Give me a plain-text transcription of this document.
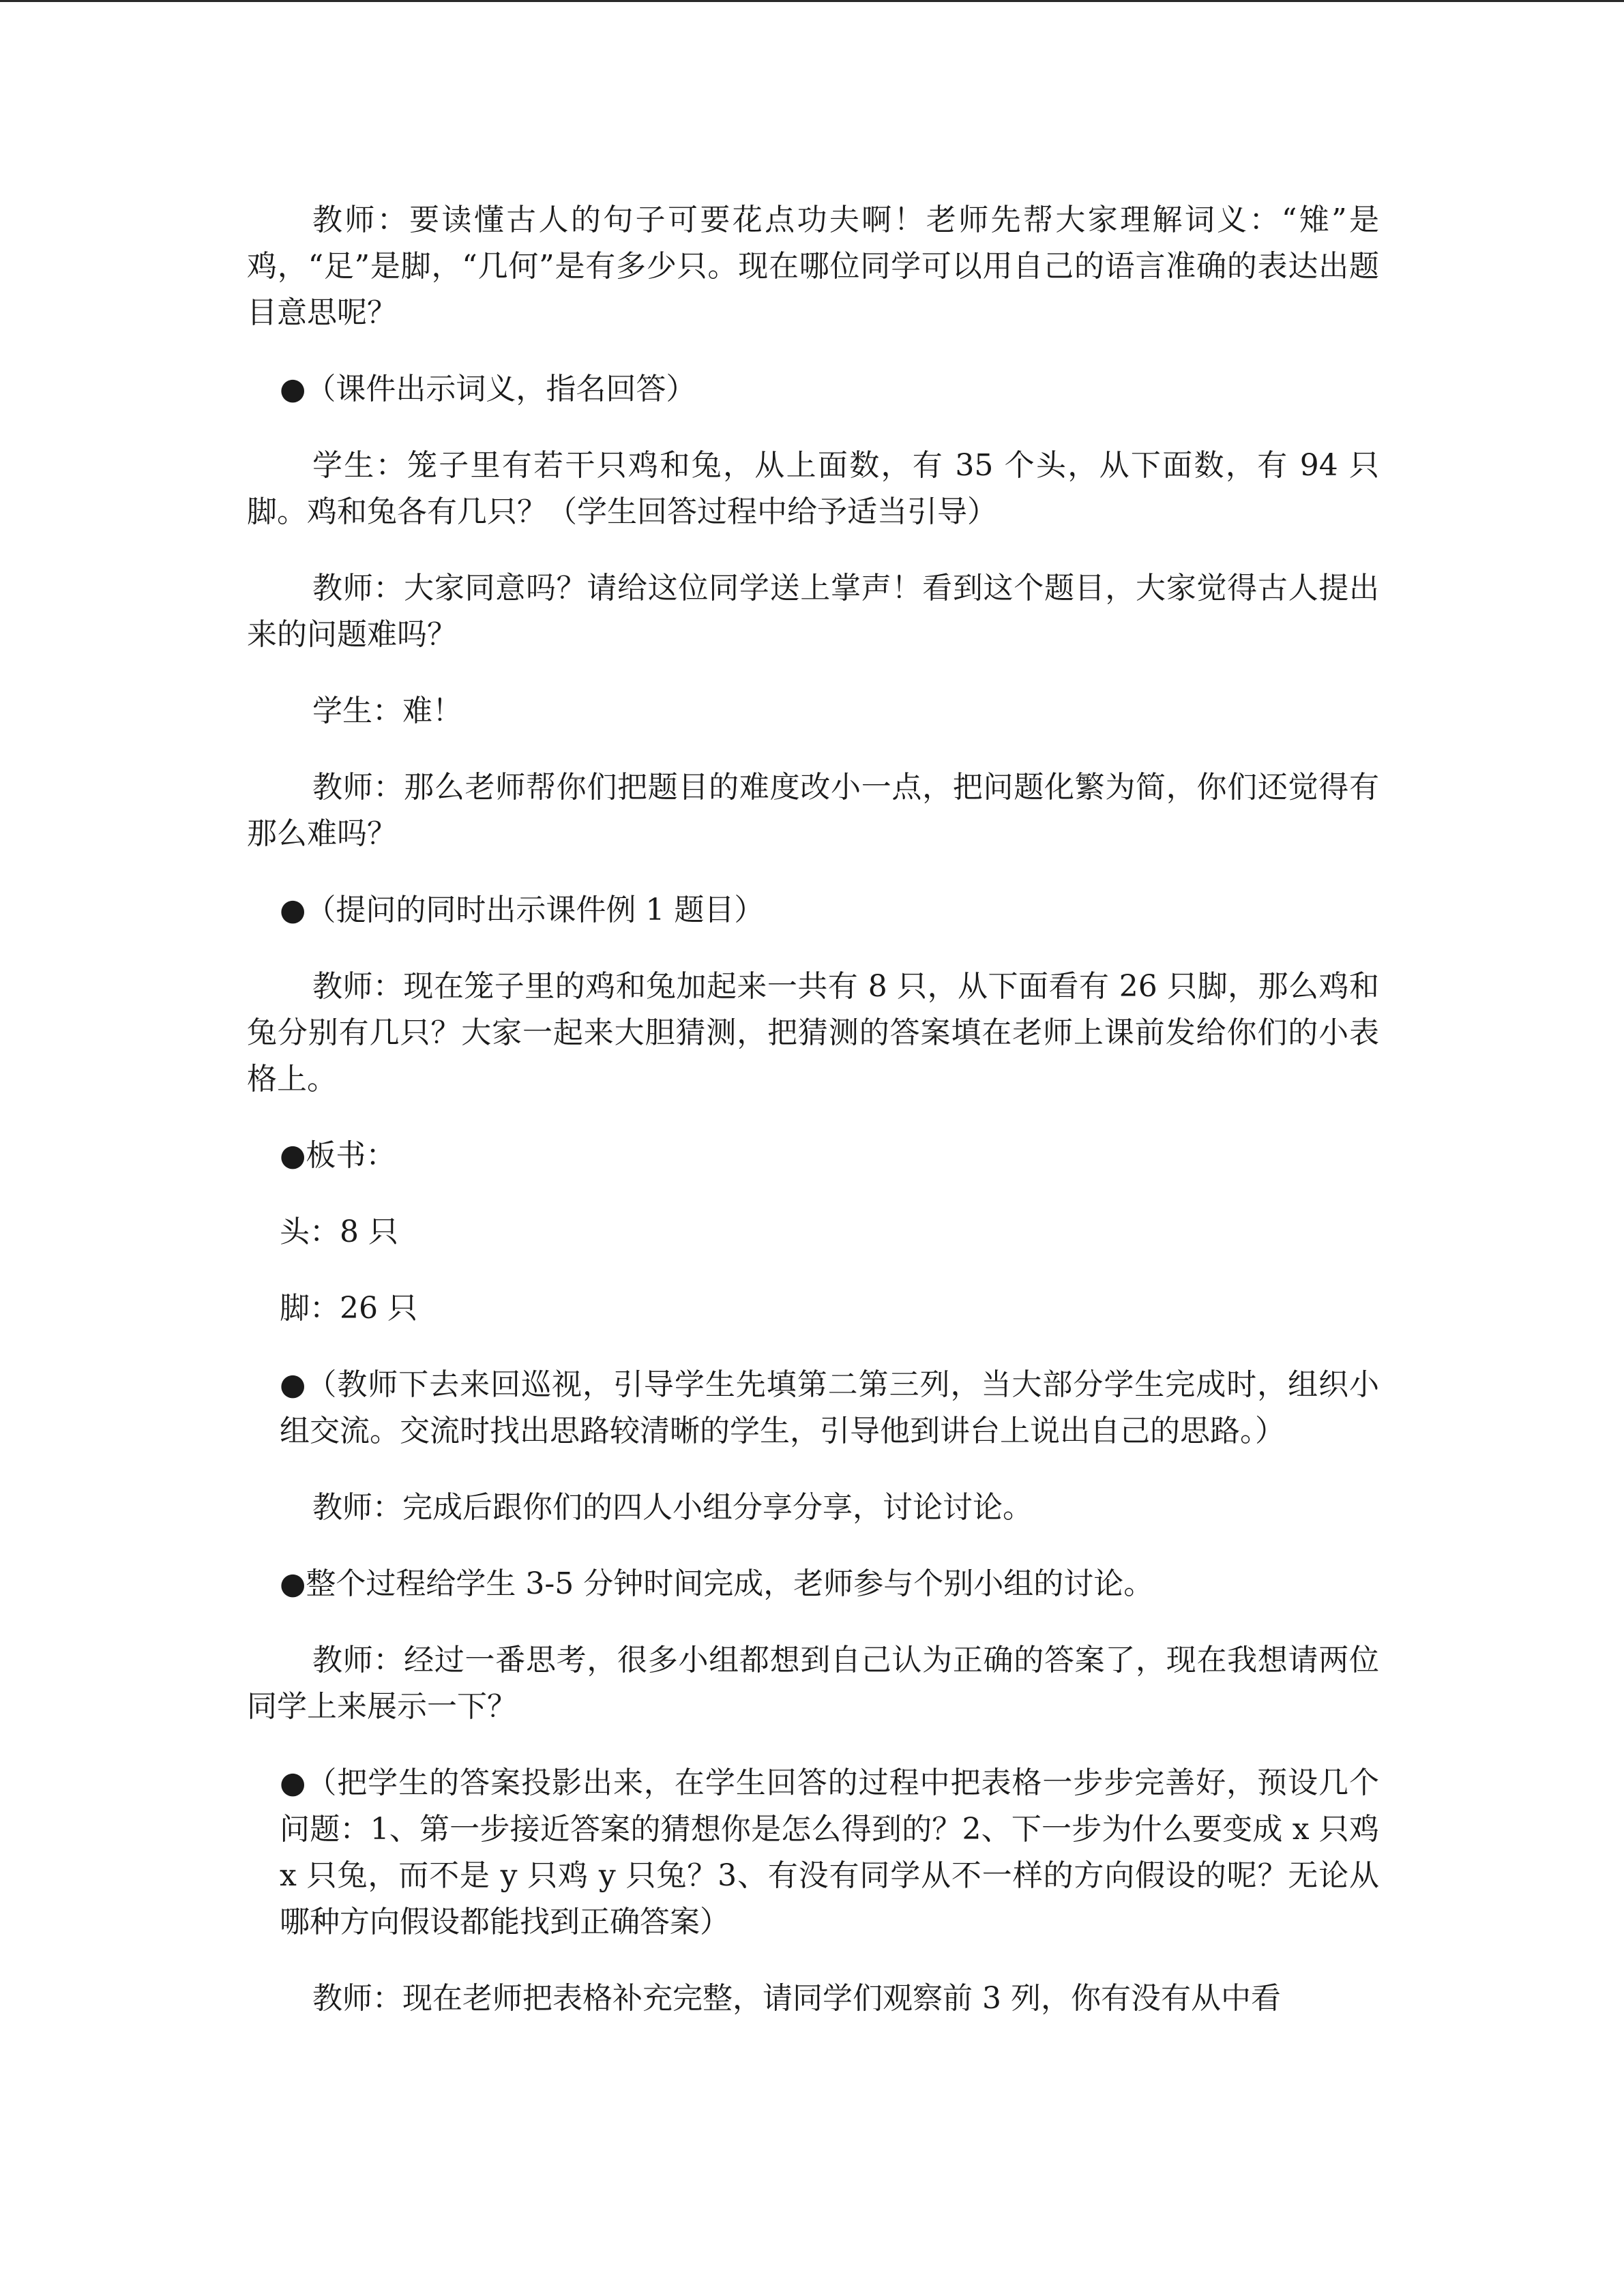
教师：要读懂古人的句子可要花点功夫啊！老师先帮大家理解词义：“雉”是鸡，“足”是脚，“几何”是有多少只。现在哪位同学可以用自己的语言准确的表达出题目意思呢？

●（课件出示词义，指名回答）

学生：笼子里有若干只鸡和兔，从上面数，有 35 个头，从下面数，有 94 只脚。鸡和兔各有几只？（学生回答过程中给予适当引导）

教师：大家同意吗？请给这位同学送上掌声！看到这个题目，大家觉得古人提出来的问题难吗？

学生：难！

教师：那么老师帮你们把题目的难度改小一点，把问题化繁为简，你们还觉得有那么难吗？

●（提问的同时出示课件例 1 题目）

教师：现在笼子里的鸡和兔加起来一共有 8 只，从下面看有 26 只脚，那么鸡和兔分别有几只？大家一起来大胆猜测，把猜测的答案填在老师上课前发给你们的小表格上。

●板书：

头：8 只

脚：26 只

●（教师下去来回巡视，引导学生先填第二第三列，当大部分学生完成时，组织小组交流。交流时找出思路较清晰的学生，引导他到讲台上说出自己的思路。）

教师：完成后跟你们的四人小组分享分享，讨论讨论。

●整个过程给学生 3-5 分钟时间完成，老师参与个别小组的讨论。

教师：经过一番思考，很多小组都想到自己认为正确的答案了，现在我想请两位同学上来展示一下？

●（把学生的答案投影出来，在学生回答的过程中把表格一步步完善好，预设几个问题：1、第一步接近答案的猜想你是怎么得到的？2、下一步为什么要变成 x 只鸡 x 只兔，而不是 y 只鸡 y 只兔？3、有没有同学从不一样的方向假设的呢？无论从哪种方向假设都能找到正确答案）

教师：现在老师把表格补充完整，请同学们观察前 3 列，你有没有从中看
